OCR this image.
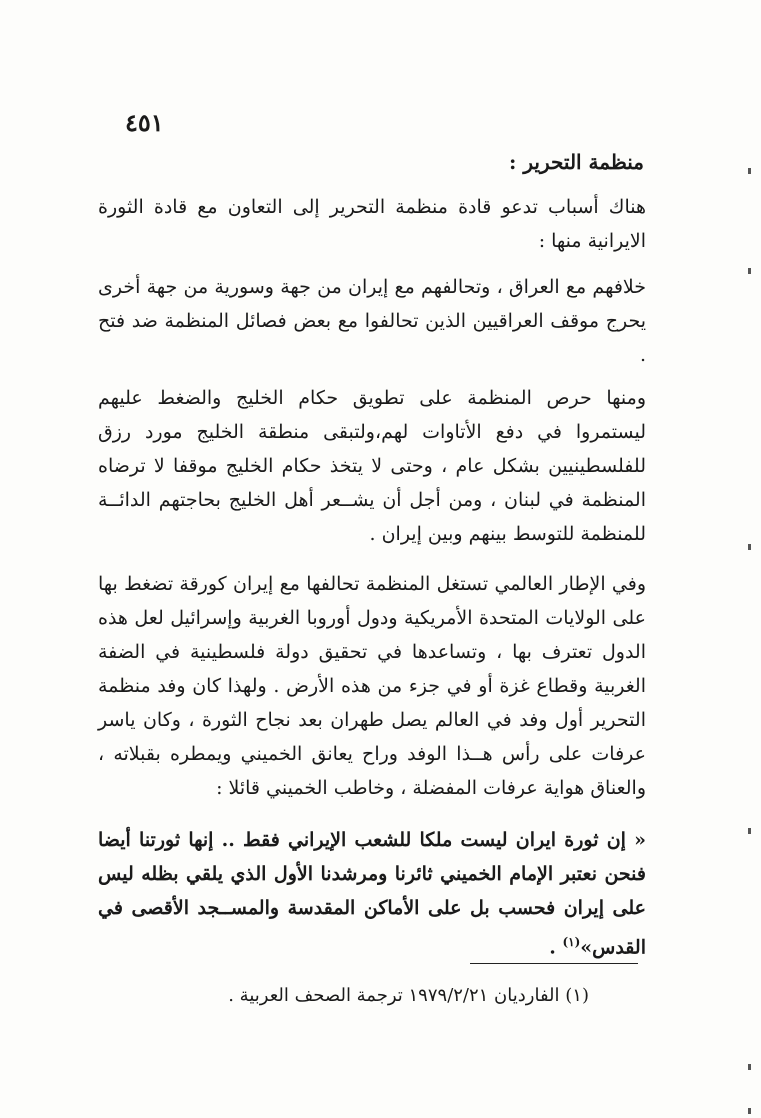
٤٥١
منظمة التحرير :
هناك أسباب تدعو قادة منظمة التحرير إلى التعاون مع قادة الثورة الايرانية منها :
خلافهم مع العراق ، وتحالفهم مع إيران من جهة وسورية من جهة أخرى يحرج موقف العراقيين الذين تحالفوا مع بعض فصائل المنظمة ضد فتح .
ومنها حرص المنظمة على تطويق حكام الخليج والضغط عليهم ليستمروا في دفع الأتاوات لهم،ولتبقى منطقة الخليج مورد رزق للفلسطينيين بشكل عام ، وحتى لا يتخذ حكام الخليج موقفا لا ترضاه المنظمة في لبنان ، ومن أجل أن يشــعر أهل الخليج بحاجتهم الدائــة للمنظمة للتوسط بينهم وبين إيران .
وفي الإطار العالمي تستغل المنظمة تحالفها مع إيران كورقة تضغط بها على الولايات المتحدة الأمريكية ودول أوروبا الغربية وإسرائيل لعل هذه الدول تعترف بها ، وتساعدها في تحقيق دولة فلسطينية في الضفة الغربية وقطاع غزة أو في جزء من هذه الأرض . ولهذا كان وفد منظمة التحرير أول وفد في العالم يصل طهران بعد نجاح الثورة ، وكان ياسر عرفات على رأس هــذا الوفد وراح يعانق الخميني ويمطره بقبلاته ، والعناق هواية عرفات المفضلة ، وخاطب الخميني قائلا :
« إن ثورة ايران ليست ملكا للشعب الإيراني فقط .. إنها ثورتنا أيضا فنحن نعتبر الإمام الخميني ثائرنا ومرشدنا الأول الذي يلقي بظله ليس على إيران فحسب بل على الأماكن المقدسة والمســجد الأقصى في القدس»$^{(١)}$ .
(١) الفارديان ١٩٧٩/٢/٢١ ترجمة الصحف العربية .
